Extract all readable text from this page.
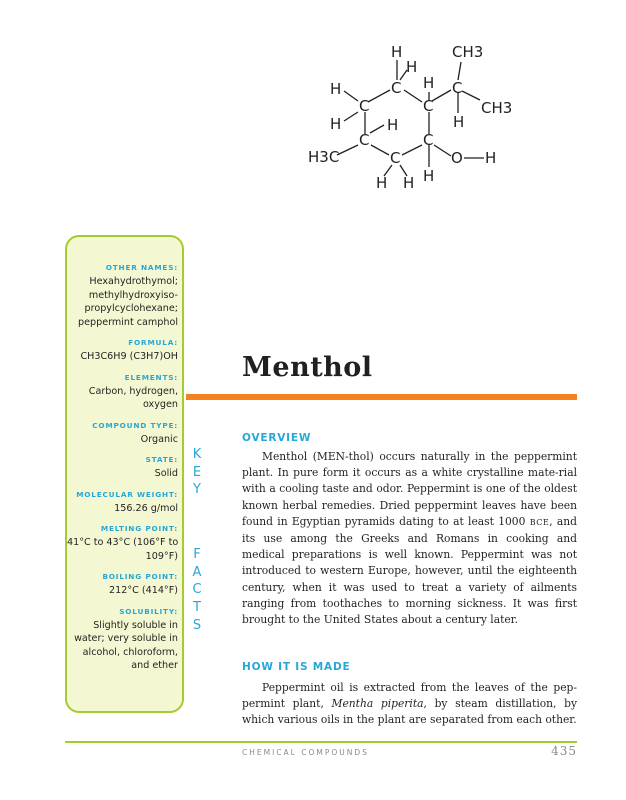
H
H
H
H
H	H	H
H
H H H
C
C	C
C
C	C
C
CH3
CH3
H3C	O
OTHER NAMES:
Hexahydrothymol;
methylhydroxyiso-
propylcyclohexane;
peppermint camphol
FORMULA:
CH3C6H9 (C3H7)OH
ELEMENTS:
Carbon, hydrogen,
oxygen
COMPOUND TYPE:
Organic
STATE:
Solid
MOLECULAR WEIGHT:
156.26 g/mol
MELTING POINT:
41°C to 43°C (106°F to
109°F)
BOILING POINT:
212°C (414°F)
SOLUBILITY:
Slightly soluble in
water; very soluble in
alcohol, chloroform,
and ether

KEY

FACTS

Menthol
OVERVIEW

Menthol (MEN-thol) occurs naturally in the peppermint plant. In pure form it occurs as a white crystalline mate-rial with a cooling taste and odor. Peppermint is one of the oldest known herbal remedies. Dried peppermint leaves have been found in Egyptian pyramids dating to at least 1000 BCE, and its use among the Greeks and Romans in cooking and medical preparations is well known. Peppermint was not introduced to western Europe, however, until the eighteenth century, when it was used to treat a variety of ailments ranging from toothaches to morning sickness. It was first brought to the United States about a century later.

HOW IT IS MADE

Peppermint oil is extracted from the leaves of the pep-permint plant, Mentha piperita, by steam distillation, by which various oils in the plant are separated from each other.

CHEMICAL COMPOUNDS	435
